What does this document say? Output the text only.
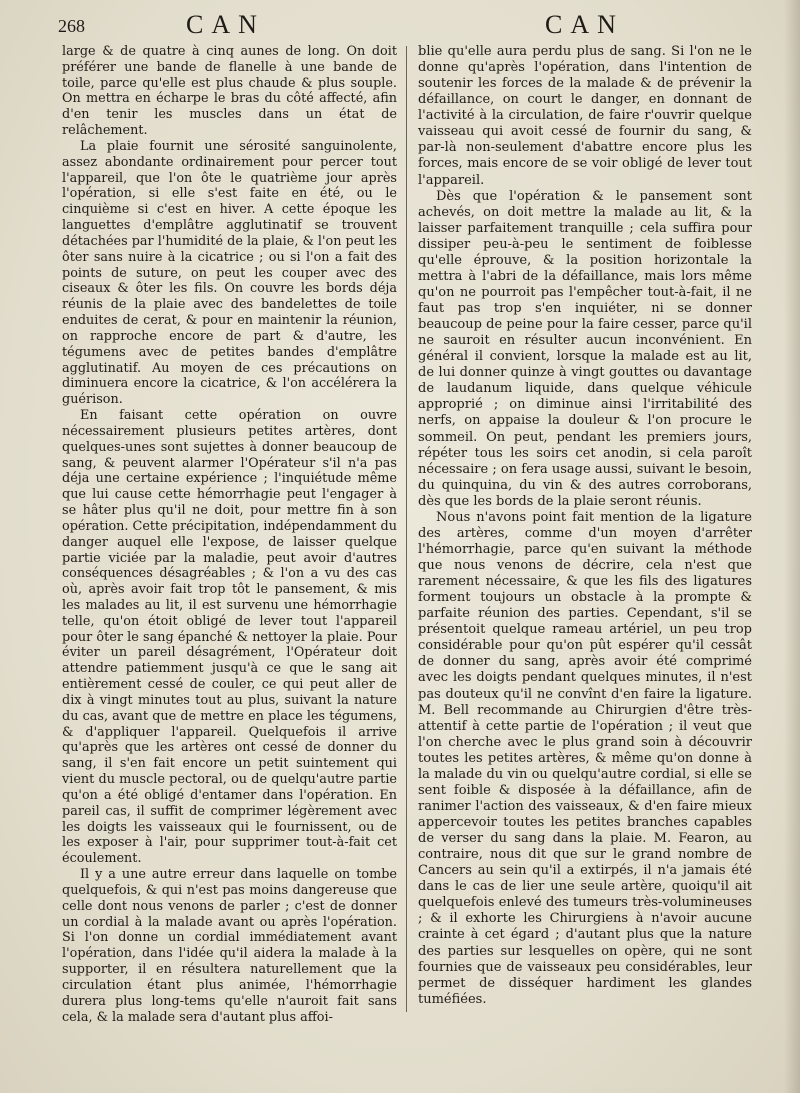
268	CAN	CAN

large & de quatre à cinq aunes de long. On doit préférer une bande de flanelle à une bande de toile, parce qu'elle est plus chaude & plus souple. On mettra en écharpe le bras du côté affecté, afin d'en tenir les muscles dans un état de relâchement.

La plaie fournit une sérosité sanguinolente, assez abondante ordinairement pour percer tout l'appareil, que l'on ôte le quatrième jour après l'opération, si elle s'est faite en été, ou le cinquième si c'est en hiver. A cette époque les languettes d'emplâtre agglutinatif se trouvent détachées par l'humidité de la plaie, & l'on peut les ôter sans nuire à la cicatrice ; ou si l'on a fait des points de suture, on peut les couper avec des ciseaux & ôter les fils. On couvre les bords déja réunis de la plaie avec des bandelettes de toile enduites de cerat, & pour en maintenir la réunion, on rapproche encore de part & d'autre, les tégumens avec de petites bandes d'emplâtre agglutinatif. Au moyen de ces précautions on diminuera encore la cicatrice, & l'on accélérera la guérison.

En faisant cette opération on ouvre nécessairement plusieurs petites artères, dont quelques-unes sont sujettes à donner beaucoup de sang, & peuvent alarmer l'Opérateur s'il n'a pas déja une certaine expérience ; l'inquiétude même que lui cause cette hémorrhagie peut l'engager à se hâter plus qu'il ne doit, pour mettre fin à son opération. Cette précipitation, indépendamment du danger auquel elle l'expose, de laisser quelque partie viciée par la maladie, peut avoir d'autres conséquences désagréables ; & l'on a vu des cas où, après avoir fait trop tôt le pansement, & mis les malades au lit, il est survenu une hémorrhagie telle, qu'on étoit obligé de lever tout l'appareil pour ôter le sang épanché & nettoyer la plaie. Pour éviter un pareil désagrément, l'Opérateur doit attendre patiemment jusqu'à ce que le sang ait entièrement cessé de couler, ce qui peut aller de dix à vingt minutes tout au plus, suivant la nature du cas, avant que de mettre en place les tégumens, & d'appliquer l'appareil. Quelquefois il arrive qu'après que les artères ont cessé de donner du sang, il s'en fait encore un petit suintement qui vient du muscle pectoral, ou de quelqu'autre partie qu'on a été obligé d'entamer dans l'opération. En pareil cas, il suffit de comprimer légèrement avec les doigts les vaisseaux qui le fournissent, ou de les exposer à l'air, pour supprimer tout-à-fait cet écoulement.

Il y a une autre erreur dans laquelle on tombe quelquefois, & qui n'est pas moins dangereuse que celle dont nous venons de parler ; c'est de donner un cordial à la malade avant ou après l'opération. Si l'on donne un cordial immédiatement avant l'opération, dans l'idée qu'il aidera la malade à la supporter, il en résultera naturellement que la circulation étant plus animée, l'hémorrhagie durera plus long-tems qu'elle n'auroit fait sans cela, & la malade sera d'autant plus affoi-

blie qu'elle aura perdu plus de sang. Si l'on ne le donne qu'après l'opération, dans l'intention de soutenir les forces de la malade & de prévenir la défaillance, on court le danger, en donnant de l'activité à la circulation, de faire r'ouvrir quelque vaisseau qui avoit cessé de fournir du sang, & par-là non-seulement d'abattre encore plus les forces, mais encore de se voir obligé de lever tout l'appareil.

Dès que l'opération & le pansement sont achevés, on doit mettre la malade au lit, & la laisser parfaitement tranquille ; cela suffira pour dissiper peu-à-peu le sentiment de foiblesse qu'elle éprouve, & la position horizontale la mettra à l'abri de la défaillance, mais lors même qu'on ne pourroit pas l'empêcher tout-à-fait, il ne faut pas trop s'en inquiéter, ni se donner beaucoup de peine pour la faire cesser, parce qu'il ne sauroit en résulter aucun inconvénient. En général il convient, lorsque la malade est au lit, de lui donner quinze à vingt gouttes ou davantage de laudanum liquide, dans quelque véhicule approprié ; on diminue ainsi l'irritabilité des nerfs, on appaise la douleur & l'on procure le sommeil. On peut, pendant les premiers jours, répéter tous les soirs cet anodin, si cela paroît nécessaire ; on fera usage aussi, suivant le besoin, du quinquina, du vin & des autres corroborans, dès que les bords de la plaie seront réunis.

Nous n'avons point fait mention de la ligature des artères, comme d'un moyen d'arrêter l'hémorrhagie, parce qu'en suivant la méthode que nous venons de décrire, cela n'est que rarement nécessaire, & que les fils des ligatures forment toujours un obstacle à la prompte & parfaite réunion des parties. Cependant, s'il se présentoit quelque rameau artériel, un peu trop considérable pour qu'on pût espérer qu'il cessât de donner du sang, après avoir été comprimé avec les doigts pendant quelques minutes, il n'est pas douteux qu'il ne convînt d'en faire la ligature. M. Bell recommande au Chirurgien d'être très-attentif à cette partie de l'opération ; il veut que l'on cherche avec le plus grand soin à découvrir toutes les petites artères, & même qu'on donne à la malade du vin ou quelqu'autre cordial, si elle se sent foible & disposée à la défaillance, afin de ranimer l'action des vaisseaux, & d'en faire mieux appercevoir toutes les petites branches capables de verser du sang dans la plaie. M. Fearon, au contraire, nous dit que sur le grand nombre de Cancers au sein qu'il a extirpés, il n'a jamais été dans le cas de lier une seule artère, quoiqu'il ait quelquefois enlevé des tumeurs très-volumineuses ; & il exhorte les Chirurgiens à n'avoir aucune crainte à cet égard ; d'autant plus que la nature des parties sur lesquelles on opère, qui ne sont fournies que de vaisseaux peu considérables, leur permet de disséquer hardiment les glandes tuméfiées.
